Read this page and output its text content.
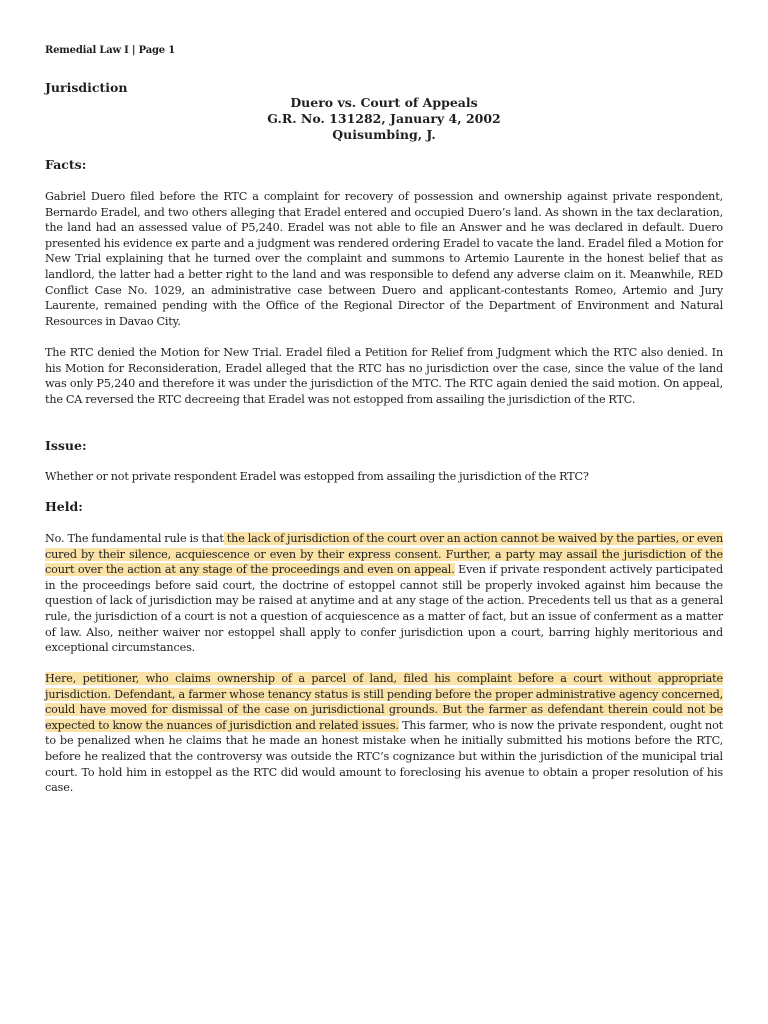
Remedial Law I | Page 1
Jurisdiction
Duero vs. Court of Appeals
G.R. No. 131282, January 4, 2002
Quisumbing, J.
Facts:

Gabriel Duero filed before the RTC a complaint for recovery of possession and ownership against private respondent, Bernardo Eradel, and two others alleging that Eradel entered and occupied Duero’s land. As shown in the tax declaration, the land had an assessed value of P5,240. Eradel was not able to file an Answer and he was declared in default. Duero presented his evidence ex parte and a judgment was rendered ordering Eradel to vacate the land. Eradel filed a Motion for New Trial explaining that he turned over the complaint and summons to Artemio Laurente in the honest belief that as landlord, the latter had a better right to the land and was responsible to defend any adverse claim on it. Meanwhile, RED Conflict Case No. 1029, an administrative case between Duero and applicant-contestants Romeo, Artemio and Jury Laurente, remained pending with the Office of the Regional Director of the Department of Environment and Natural Resources in Davao City.

The RTC denied the Motion for New Trial. Eradel filed a Petition for Relief from Judgment which the RTC also denied. In his Motion for Reconsideration, Eradel alleged that the RTC has no jurisdiction over the case, since the value of the land was only P5,240 and therefore it was under the jurisdiction of the MTC. The RTC again denied the said motion. On appeal, the CA reversed the RTC decreeing that Eradel was not estopped from assailing the jurisdiction of the RTC.

Issue:

Whether or not private respondent Eradel was estopped from assailing the jurisdiction of the RTC?

Held:

No. The fundamental rule is that the lack of jurisdiction of the court over an action cannot be waived by the parties, or even cured by their silence, acquiescence or even by their express consent. Further, a party may assail the jurisdiction of the court over the action at any stage of the proceedings and even on appeal. Even if private respondent actively participated in the proceedings before said court, the doctrine of estoppel cannot still be properly invoked against him because the question of lack of jurisdiction may be raised at anytime and at any stage of the action. Precedents tell us that as a general rule, the jurisdiction of a court is not a question of acquiescence as a matter of fact, but an issue of conferment as a matter of law. Also, neither waiver nor estoppel shall apply to confer jurisdiction upon a court, barring highly meritorious and exceptional circumstances.

Here, petitioner, who claims ownership of a parcel of land, filed his complaint before a court without appropriate jurisdiction. Defendant, a farmer whose tenancy status is still pending before the proper administrative agency concerned, could have moved for dismissal of the case on jurisdictional grounds. But the farmer as defendant therein could not be expected to know the nuances of jurisdiction and related issues. This farmer, who is now the private respondent, ought not to be penalized when he claims that he made an honest mistake when he initially submitted his motions before the RTC, before he realized that the controversy was outside the RTC’s cognizance but within the jurisdiction of the municipal trial court. To hold him in estoppel as the RTC did would amount to foreclosing his avenue to obtain a proper resolution of his case.
